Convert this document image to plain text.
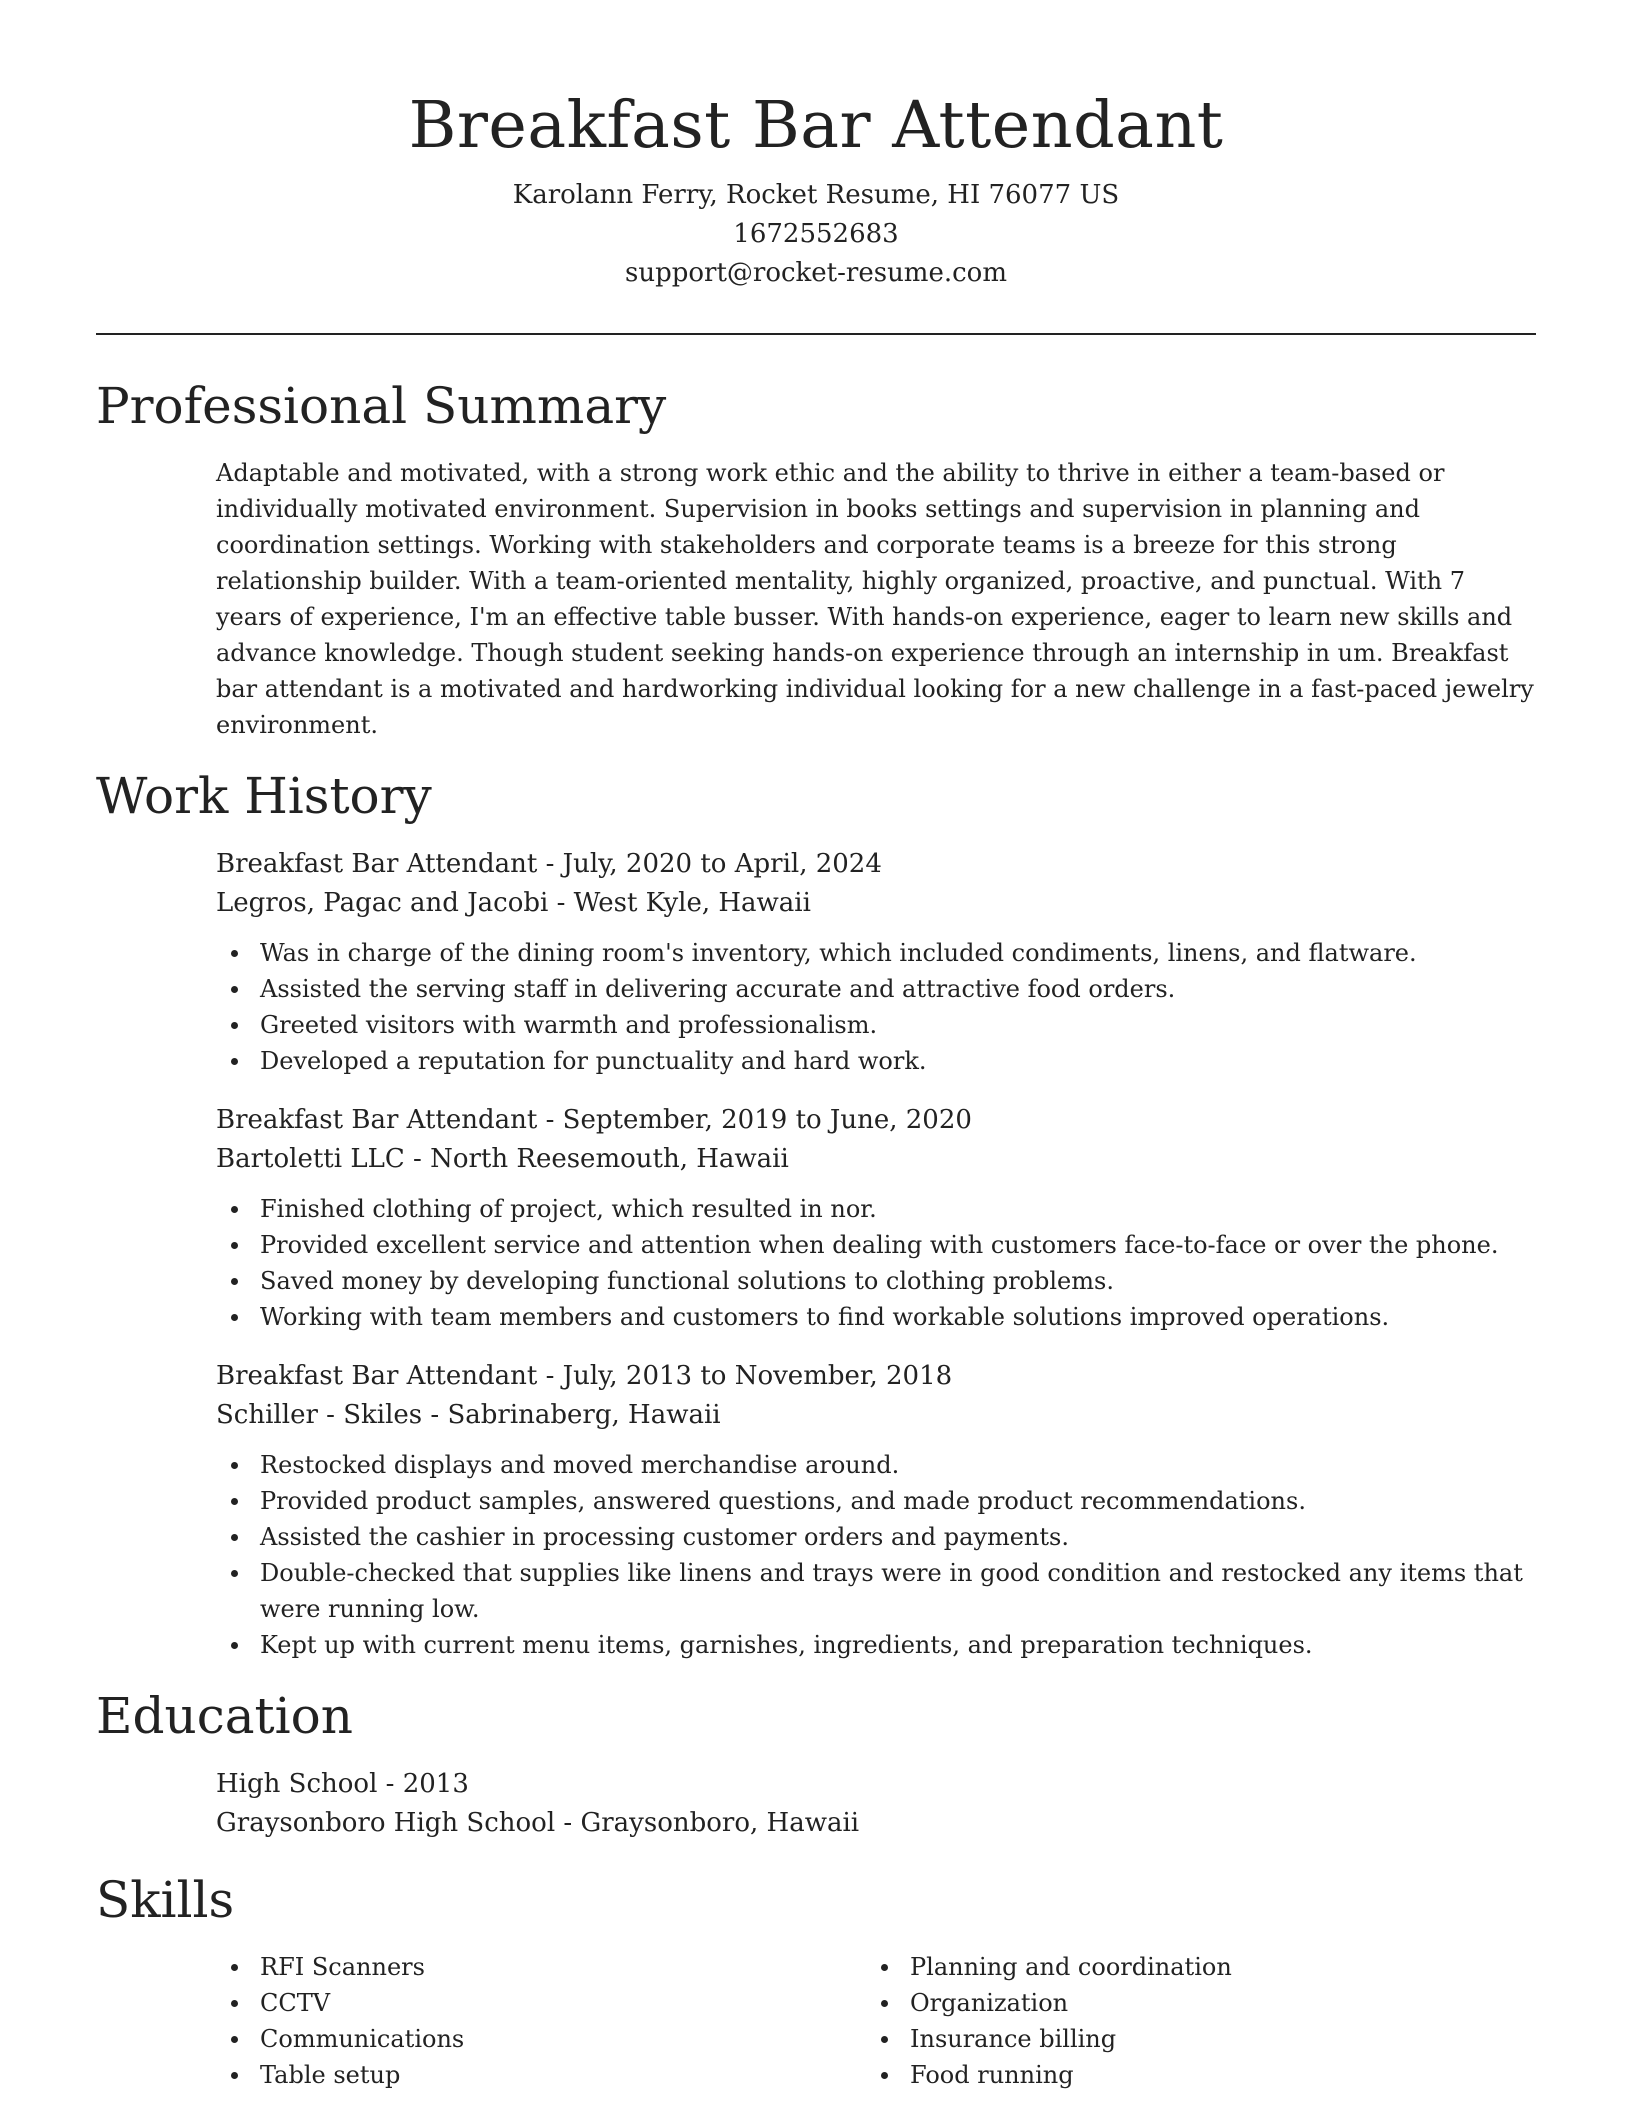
Breakfast Bar Attendant
Karolann Ferry, Rocket Resume, HI 76077 US
1672552683
support@rocket-resume.com
Professional Summary

Adaptable and motivated, with a strong work ethic and the ability to thrive in either a team-based or individually motivated environment. Supervision in books settings and supervision in planning and coordination settings. Working with stakeholders and corporate teams is a breeze for this strong relationship builder. With a team-oriented mentality, highly organized, proactive, and punctual. With 7 years of experience, I'm an effective table busser. With hands-on experience, eager to learn new skills and advance knowledge. Though student seeking hands-on experience through an internship in um. Breakfast bar attendant is a motivated and hardworking individual looking for a new challenge in a fast-paced jewelry environment.

Work History
Breakfast Bar Attendant - July, 2020 to April, 2024
Legros, Pagac and Jacobi - West Kyle, Hawaii
Was in charge of the dining room's inventory, which included condiments, linens, and flatware.
Assisted the serving staff in delivering accurate and attractive food orders.
Greeted visitors with warmth and professionalism.
Developed a reputation for punctuality and hard work.
Breakfast Bar Attendant - September, 2019 to June, 2020
Bartoletti LLC - North Reesemouth, Hawaii
Finished clothing of project, which resulted in nor.
Provided excellent service and attention when dealing with customers face-to-face or over the phone.
Saved money by developing functional solutions to clothing problems.
Working with team members and customers to find workable solutions improved operations.
Breakfast Bar Attendant - July, 2013 to November, 2018
Schiller - Skiles - Sabrinaberg, Hawaii
Restocked displays and moved merchandise around.
Provided product samples, answered questions, and made product recommendations.
Assisted the cashier in processing customer orders and payments.
Double-checked that supplies like linens and trays were in good condition and restocked any items that were running low.
Kept up with current menu items, garnishes, ingredients, and preparation techniques.
Education
High School - 2013
Graysonboro High School - Graysonboro, Hawaii
Skills
RFI Scanners
CCTV
Communications
Table setup
Planning and coordination
Organization
Insurance billing
Food running
